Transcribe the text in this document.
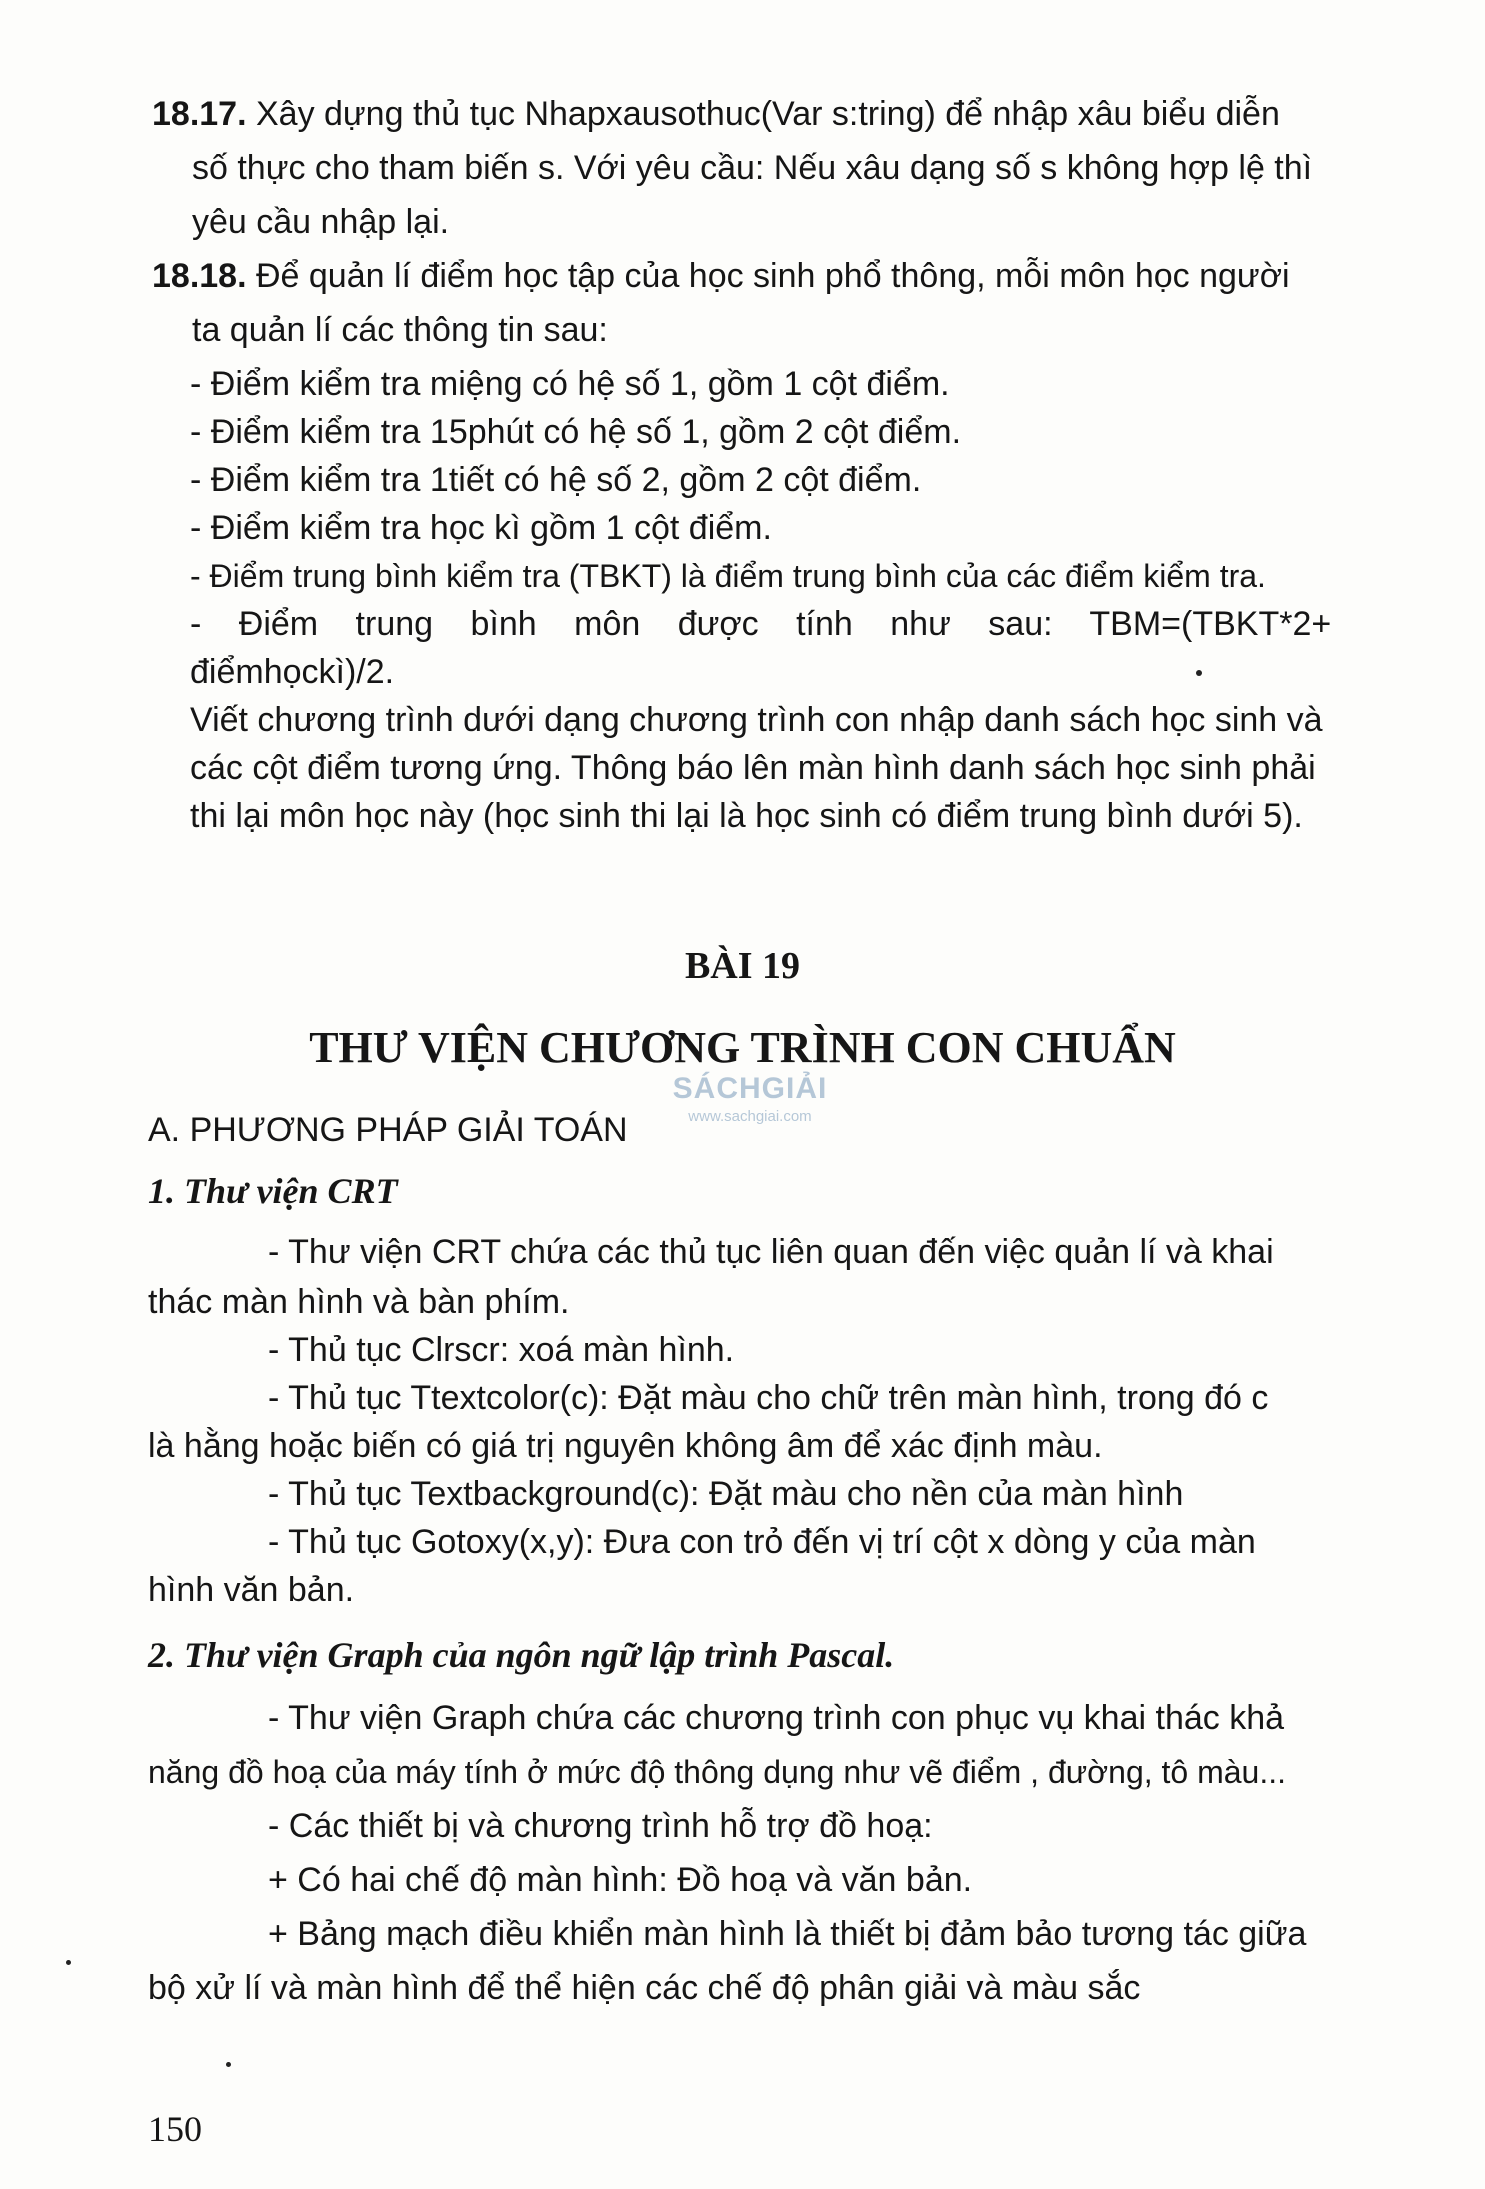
18.17. Xây dựng thủ tục Nhapxausothuc(Var s:tring) để nhập xâu biểu diễn
số thực cho tham biến s. Với yêu cầu: Nếu xâu dạng số s không hợp lệ thì
yêu cầu nhập lại.
18.18. Để quản lí điểm học tập của học sinh phổ thông, mỗi môn học người
ta quản lí các thông tin sau:
- Điểm kiểm tra miệng có hệ số 1, gồm 1 cột điểm.
- Điểm kiểm tra 15phút có hệ số 1, gồm 2 cột điểm.
- Điểm kiểm tra 1tiết có hệ số 2, gồm 2 cột điểm.
- Điểm kiểm tra học kì gồm 1 cột điểm.
- Điểm trung bình kiểm tra (TBKT) là điểm trung bình của các điểm kiểm tra.
- Điểm trung bình môn được tính như sau: TBM=(TBKT*2+
điểmhọckì)/2.
Viết chương trình dưới dạng chương trình con nhập danh sách học sinh và
các cột điểm tương ứng. Thông báo lên màn hình danh sách học sinh phải
thi lại môn học này (học sinh thi lại là học sinh có điểm trung bình dưới 5).
BÀI 19
THƯ VIỆN CHƯƠNG TRÌNH CON CHUẨN
SÁCHGIẢI
www.sachgiai.com
A. PHƯƠNG PHÁP GIẢI TOÁN
1. Thư viện CRT
- Thư viện CRT chứa các thủ tục liên quan đến việc quản lí và khai
thác màn hình và bàn phím.
- Thủ tục Clrscr: xoá màn hình.
- Thủ tục Ttextcolor(c): Đặt màu cho chữ trên màn hình, trong đó c
là hằng hoặc biến có giá trị nguyên không âm để xác định màu.
- Thủ tục Textbackground(c): Đặt màu cho nền của màn hình
- Thủ tục Gotoxy(x,y): Đưa con trỏ đến vị trí cột x dòng y của màn
hình văn bản.
2. Thư viện Graph của ngôn ngữ lập trình Pascal.
- Thư viện Graph chứa các chương trình con phục vụ khai thác khả
năng đồ hoạ của máy tính ở mức độ thông dụng như vẽ điểm , đường, tô màu...
- Các thiết bị và chương trình hỗ trợ đồ hoạ:
+ Có hai chế độ màn hình: Đồ hoạ và văn bản.
+ Bảng mạch điều khiển màn hình là thiết bị đảm bảo tương tác giữa
bộ xử lí và màn hình để thể hiện các chế độ phân giải và màu sắc
150
